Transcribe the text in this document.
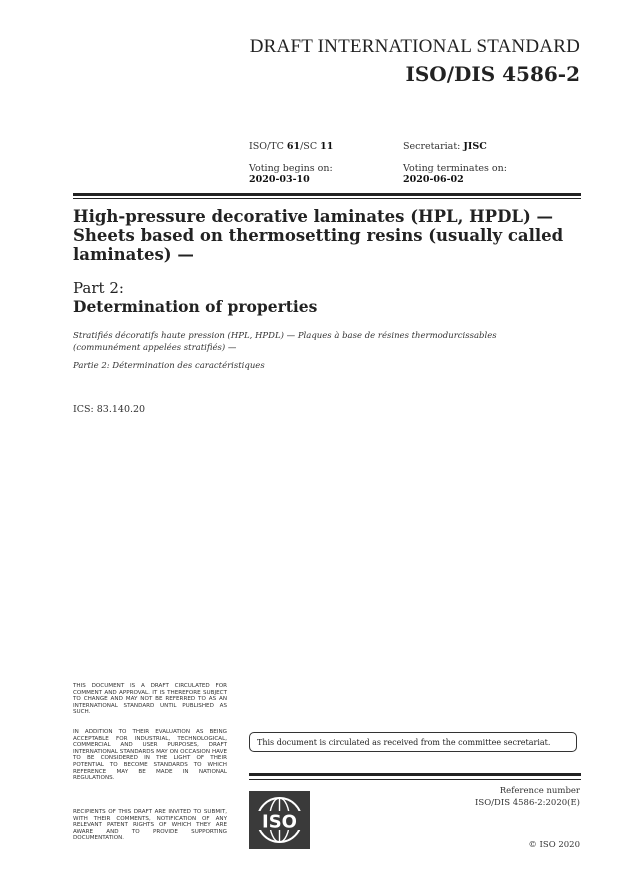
DRAFT INTERNATIONAL STANDARD
ISO/DIS 4586-2
ISO/TC 61/SC 11	Secretariat: JISC
Voting begins on:
2020-03-10
Voting terminates on:
2020-06-02
High-pressure decorative laminates (HPL, HPDL) —
Sheets based on thermosetting resins (usually called
laminates) —
Part 2:
Determination of properties
Stratifiés décoratifs haute pression (HPL, HPDL) — Plaques à base de résines thermodurcissables
(communément appelées stratifiés) —
Partie 2: Détermination des caractéristiques
ICS: 83.140.20
THIS DOCUMENT IS A DRAFT CIRCULATED FOR COMMENT AND APPROVAL. IT IS THEREFORE SUBJECT TO CHANGE AND MAY NOT BE REFERRED TO AS AN INTERNATIONAL STANDARD UNTIL PUBLISHED AS SUCH.
IN ADDITION TO THEIR EVALUATION AS BEING ACCEPTABLE FOR INDUSTRIAL, TECHNOLOGICAL, COMMERCIAL AND USER PURPOSES, DRAFT INTERNATIONAL STANDARDS MAY ON OCCASION HAVE TO BE CONSIDERED IN THE LIGHT OF THEIR POTENTIAL TO BECOME STANDARDS TO WHICH REFERENCE MAY BE MADE IN NATIONAL REGULATIONS.
RECIPIENTS OF THIS DRAFT ARE INVITED TO SUBMIT, WITH THEIR COMMENTS, NOTIFICATION OF ANY RELEVANT PATENT RIGHTS OF WHICH THEY ARE AWARE AND TO PROVIDE SUPPORTING DOCUMENTATION.
This document is circulated as received from the committee secretariat.
ISO
Reference number
ISO/DIS 4586-2:2020(E)
© ISO 2020
